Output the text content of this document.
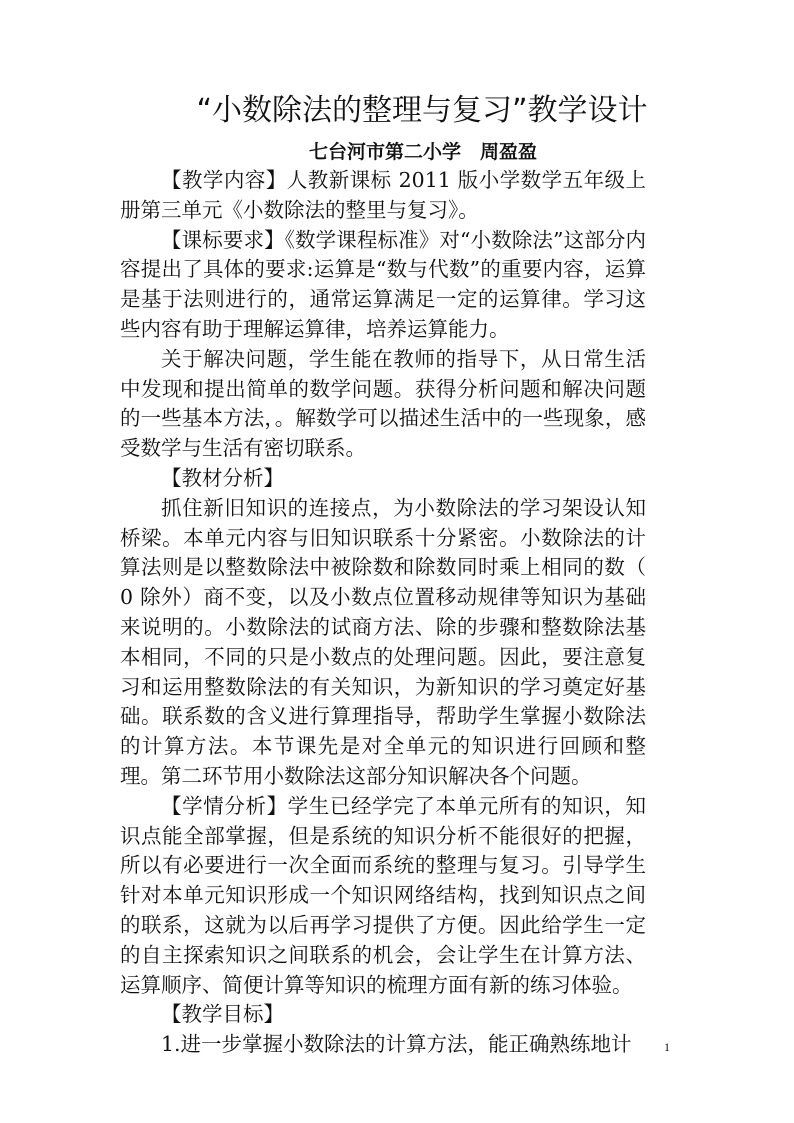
“小数除法的整理与复习”教学设计
七台河市第二小学　周盈盈

【教学内容】人教新课标 2011 版小学数学五年级上册第三单元《小数除法的整里与复习》。

【课标要求】《数学课程标准》对“小数除法”这部分内容提出了具体的要求:运算是“数与代数”的重要内容，运算是基于法则进行的，通常运算满足一定的运算律。学习这些内容有助于理解运算律，培养运算能力。

关于解决问题，学生能在教师的指导下，从日常生活中发现和提出简单的数学问题。获得分析问题和解决问题的一些基本方法，。解数学可以描述生活中的一些现象，感受数学与生活有密切联系。

【教材分析】

抓住新旧知识的连接点，为小数除法的学习架设认知桥梁。本单元内容与旧知识联系十分紧密。小数除法的计算法则是以整数除法中被除数和除数同时乘上相同的数（ 0 除外）商不变，以及小数点位置移动规律等知识为基础来说明的。小数除法的试商方法、除的步骤和整数除法基本相同，不同的只是小数点的处理问题。因此，要注意复习和运用整数除法的有关知识，为新知识的学习奠定好基础。联系数的含义进行算理指导，帮助学生掌握小数除法的计算方法。本节课先是对全单元的知识进行回顾和整理。第二环节用小数除法这部分知识解决各个问题。

【学情分析】学生已经学完了本单元所有的知识，知识点能全部掌握，但是系统的知识分析不能很好的把握，所以有必要进行一次全面而系统的整理与复习。引导学生针对本单元知识形成一个知识网络结构，找到知识点之间的联系，这就为以后再学习提供了方便。因此给学生一定的自主探索知识之间联系的机会，会让学生在计算方法、运算顺序、简便计算等知识的梳理方面有新的练习体验。

【教学目标】

1.进一步掌握小数除法的计算方法，能正确熟练地计	1
